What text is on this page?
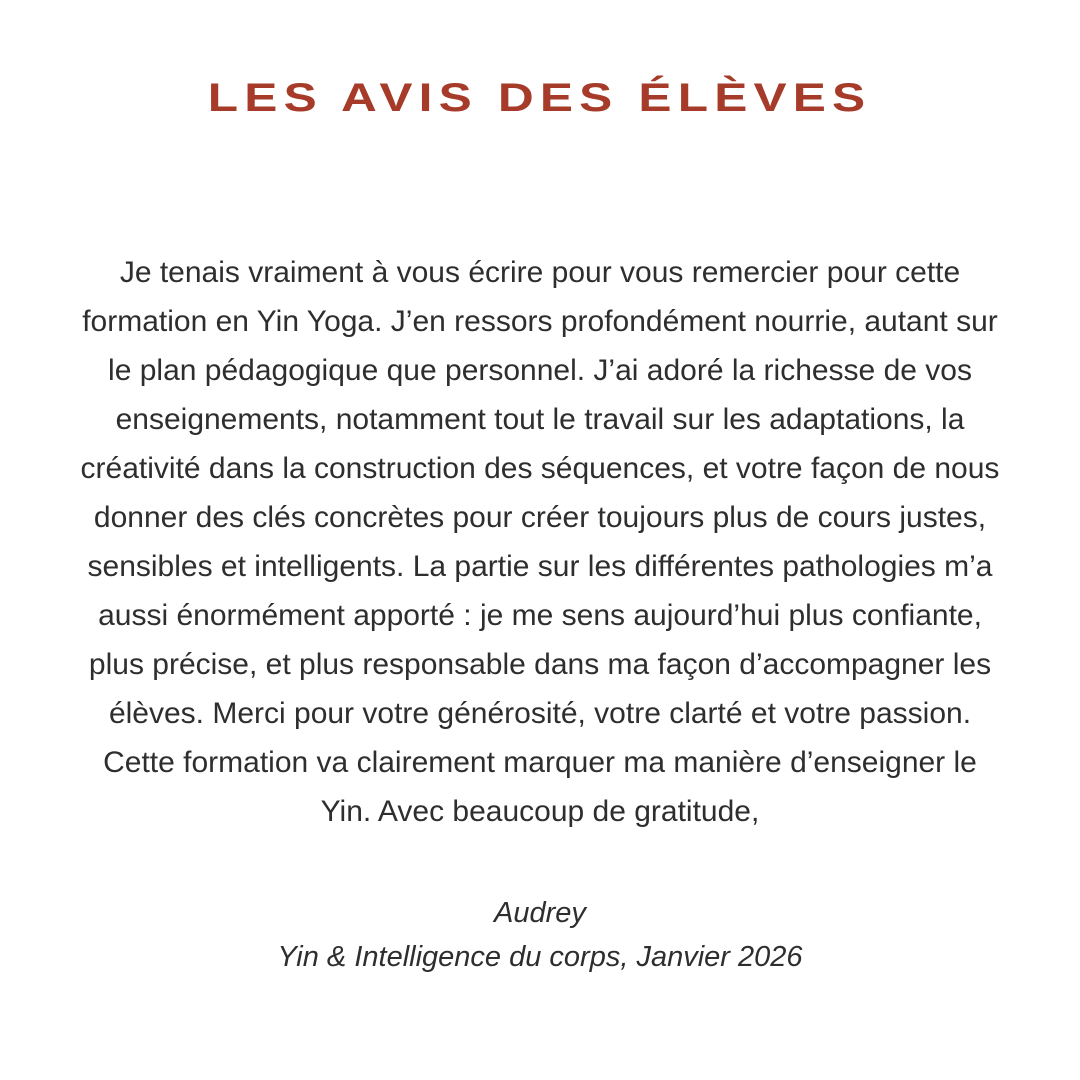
LES AVIS DES ÉLÈVES
Je tenais vraiment à vous écrire pour vous remercier pour cette
formation en Yin Yoga. J’en ressors profondément nourrie, autant sur
le plan pédagogique que personnel. J’ai adoré la richesse de vos
enseignements, notamment tout le travail sur les adaptations, la
créativité dans la construction des séquences, et votre façon de nous
donner des clés concrètes pour créer toujours plus de cours justes,
sensibles et intelligents. La partie sur les différentes pathologies m’a
aussi énormément apporté : je me sens aujourd’hui plus confiante,
plus précise, et plus responsable dans ma façon d’accompagner les
élèves. Merci pour votre générosité, votre clarté et votre passion.
Cette formation va clairement marquer ma manière d’enseigner le
Yin. Avec beaucoup de gratitude,
Audrey
Yin & Intelligence du corps, Janvier 2026
